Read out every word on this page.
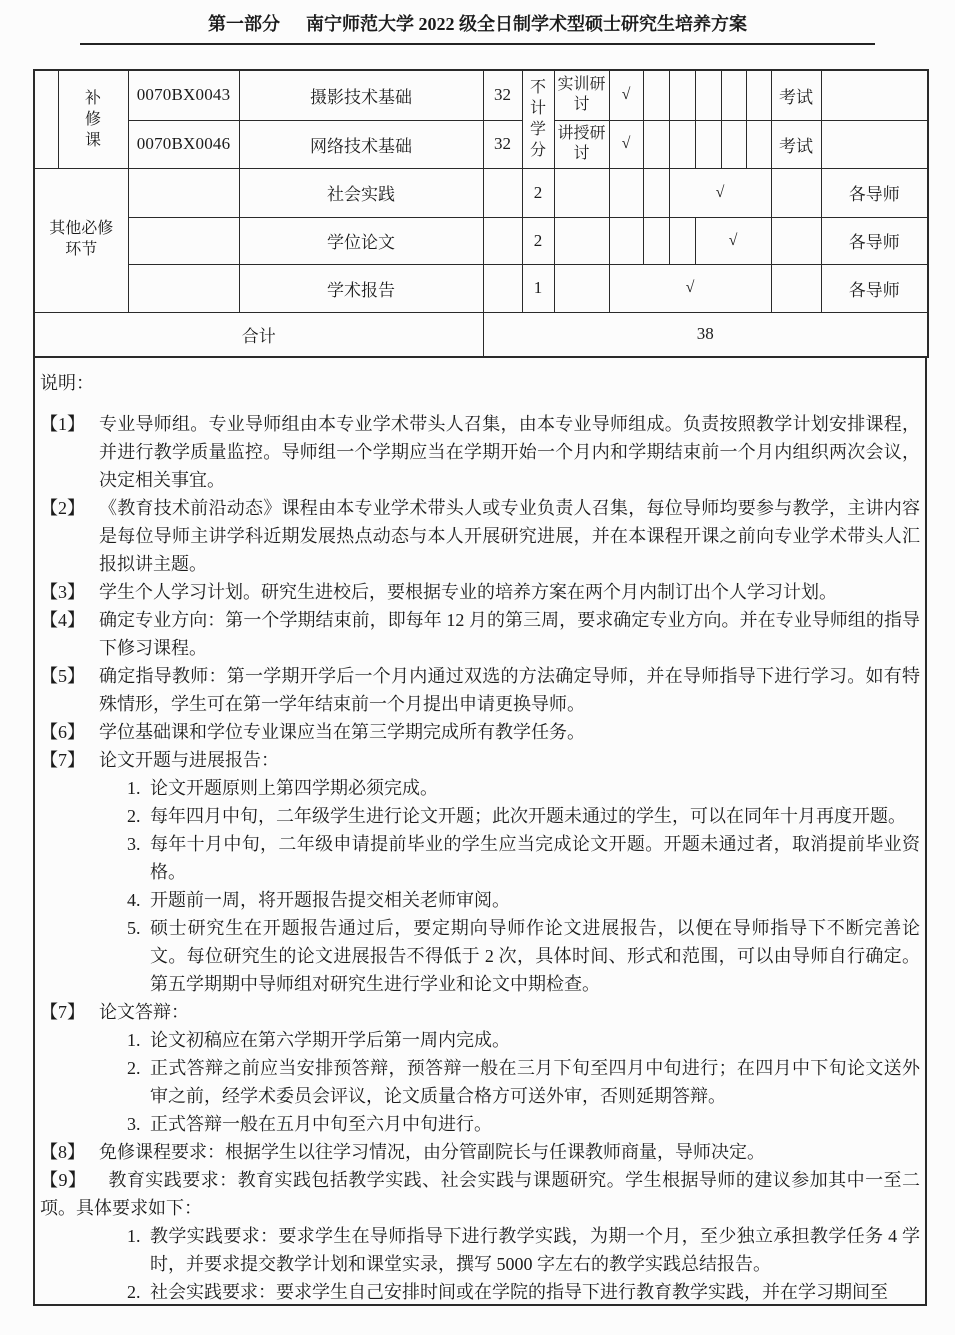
第一部分 南宁师范大学 2022 级全日制学术型硕士研究生培养方案
	补修课	0070BX0043	摄影技术基础	32	不计学分	实训研讨	√						考试	
		0070BX0046	网络技术基础	32		讲授研讨	√						考试	
其他必修环节			社会实践		2				√					各导师
			学位论文		2					√				各导师
			学术报告		1		√							各导师
合计				38										
说明：
【1】 专业导师组。专业导师组由本专业学术带头人召集，由本专业导师组成。负责按照教学计划安排课程，并进行教学质量监控。导师组一个学期应当在学期开始一个月内和学期结束前一个月内组织两次会议，决定相关事宜。
【2】 《教育技术前沿动态》课程由本专业学术带头人或专业负责人召集，每位导师均要参与教学，主讲内容是每位导师主讲学科近期发展热点动态与本人开展研究进展，并在本课程开课之前向专业学术带头人汇报拟讲主题。
【3】 学生个人学习计划。研究生进校后，要根据专业的培养方案在两个月内制订出个人学习计划。
【4】 确定专业方向：第一个学期结束前，即每年 12 月的第三周，要求确定专业方向。并在专业导师组的指导下修习课程。
【5】 确定指导教师：第一学期开学后一个月内通过双选的方法确定导师，并在导师指导下进行学习。如有特殊情形，学生可在第一学年结束前一个月提出申请更换导师。
【6】 学位基础课和学位专业课应当在第三学期完成所有教学任务。
【7】 论文开题与进展报告：
1. 论文开题原则上第四学期必须完成。
2. 每年四月中旬，二年级学生进行论文开题；此次开题未通过的学生，可以在同年十月再度开题。
3. 每年十月中旬，二年级申请提前毕业的学生应当完成论文开题。开题未通过者，取消提前毕业资格。
4. 开题前一周，将开题报告提交相关老师审阅。
5. 硕士研究生在开题报告通过后，要定期向导师作论文进展报告，以便在导师指导下不断完善论文。每位研究生的论文进展报告不得低于 2 次，具体时间、形式和范围，可以由导师自行确定。第五学期期中导师组对研究生进行学业和论文中期检查。
【7】 论文答辩：
1. 论文初稿应在第六学期开学后第一周内完成。
2. 正式答辩之前应当安排预答辩，预答辩一般在三月下旬至四月中旬进行；在四月中下旬论文送外审之前，经学术委员会评议，论文质量合格方可送外审，否则延期答辩。
3. 正式答辩一般在五月中旬至六月中旬进行。
【8】 免修课程要求：根据学生以往学习情况，由分管副院长与任课教师商量，导师决定。
【9】 教育实践要求：教育实践包括教学实践、社会实践与课题研究。学生根据导师的建议参加其中一至二项。具体要求如下：
1. 教学实践要求：要求学生在导师指导下进行教学实践，为期一个月，至少独立承担教学任务 4 学时，并要求提交教学计划和课堂实录，撰写 5000 字左右的教学实践总结报告。
2. 社会实践要求：要求学生自己安排时间或在学院的指导下进行教育教学实践，并在学习期间至
